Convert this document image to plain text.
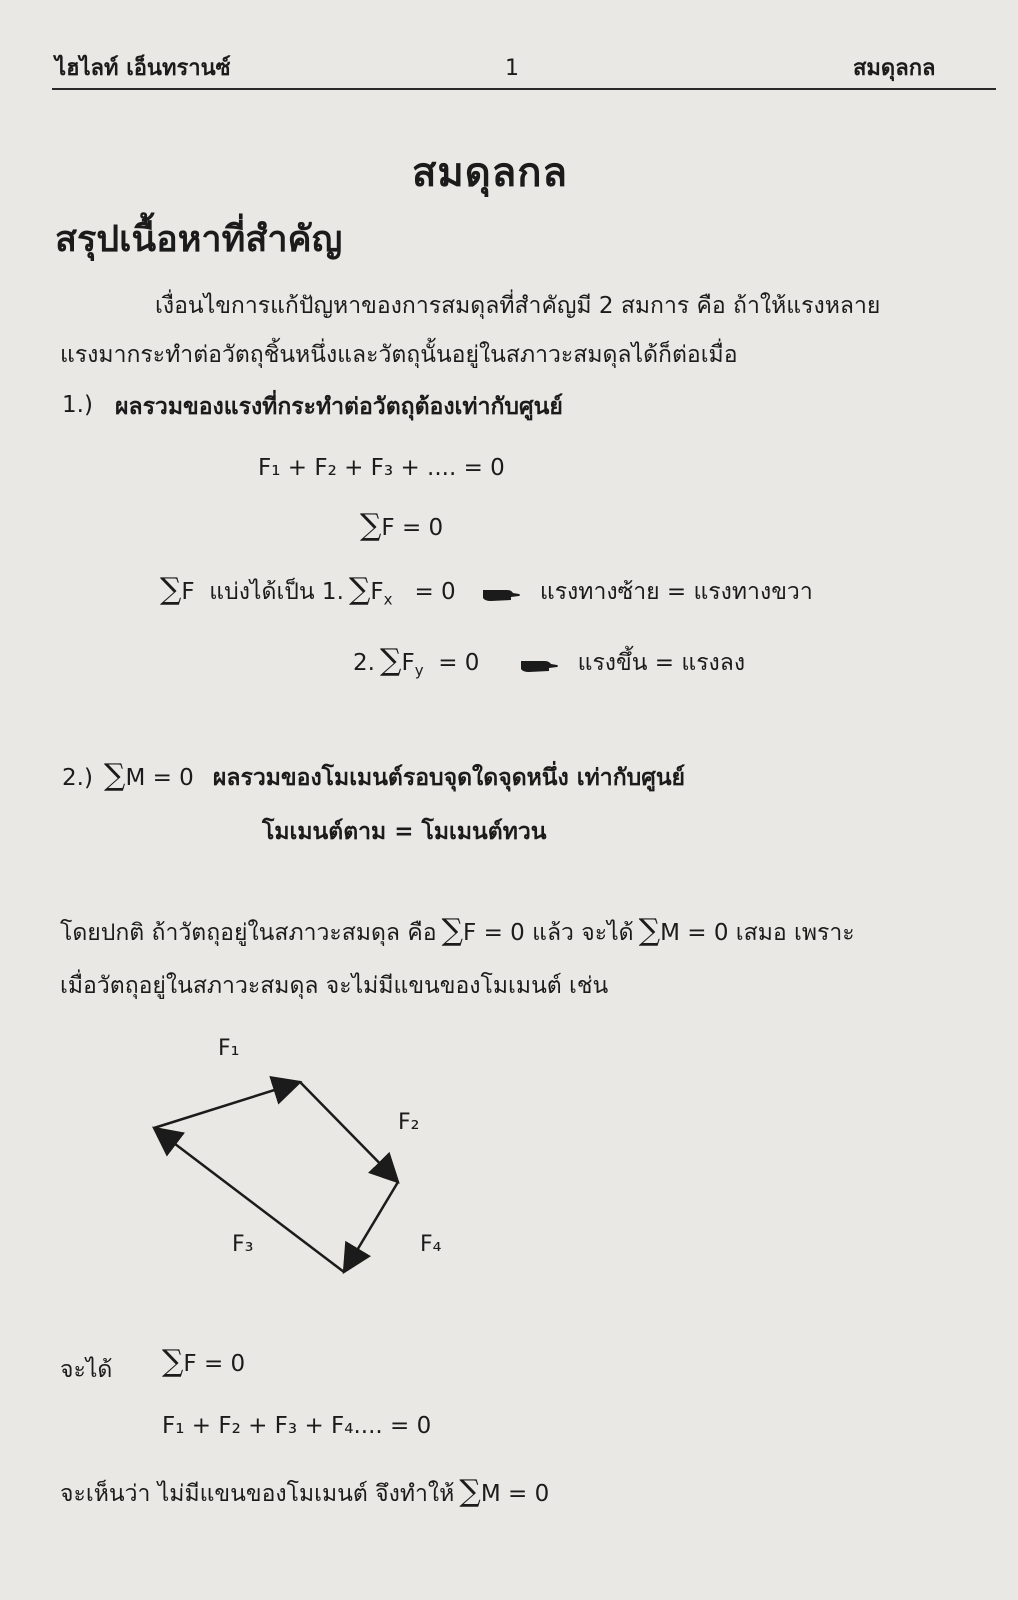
ไฮไลท์ เอ็นทรานซ์	1	สมดุลกล
สมดุลกล
สรุปเนื้อหาที่สำคัญ
เงื่อนไขการแก้ปัญหาของการสมดุลที่สำคัญมี 2 สมการ คือ ถ้าให้แรงหลาย
แรงมากระทำต่อวัตถุชิ้นหนึ่งและวัตถุนั้นอยู่ในสภาวะสมดุลได้ก็ต่อเมื่อ
1.) ผลรวมของแรงที่กระทำต่อวัตถุต้องเท่ากับศูนย์
F₁ + F₂ + F₃ + .... = 0
∑F = 0
∑F  แบ่งได้เป็น 1. $\sum F_x = 0$	แรงทางซ้าย = แรงทางขวา
2. $\sum F_y = 0$	แรงขึ้น = แรงลง
2.) ∑M = 0 ผลรวมของโมเมนต์รอบจุดใดจุดหนึ่ง เท่ากับศูนย์
โมเมนต์ตาม = โมเมนต์ทวน
โดยปกติ ถ้าวัตถุอยู่ในสภาวะสมดุล คือ ∑F = 0 แล้ว จะได้ ∑M = 0 เสมอ เพราะ
เมื่อวัตถุอยู่ในสภาวะสมดุล จะไม่มีแขนของโมเมนต์ เช่น
F₁
F₂
F₃	F₄
จะได้ ∑F = 0
F₁ + F₂ + F₃ + F₄.... = 0
จะเห็นว่า ไม่มีแขนของโมเมนต์ จึงทำให้ ∑M = 0
